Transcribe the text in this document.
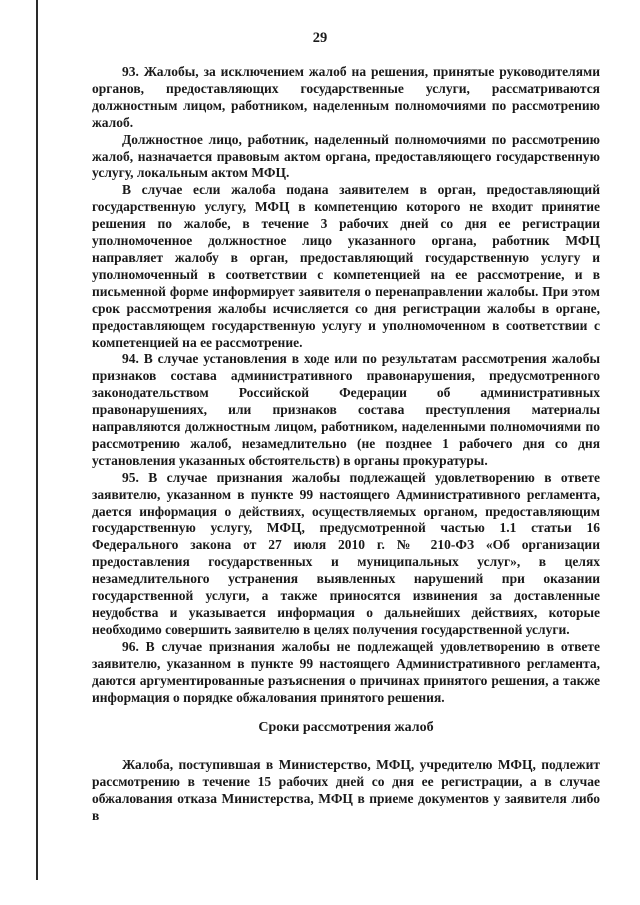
29

93. Жалобы, за исключением жалоб на решения, принятые руководителями органов, предоставляющих государственные услуги, рассматриваются должностным лицом, работником, наделенным полномочиями по рассмотрению жалоб.

Должностное лицо, работник, наделенный полномочиями по рассмотрению жалоб, назначается правовым актом органа, предоставляющего государственную услугу, локальным актом МФЦ.

В случае если жалоба подана заявителем в орган, предоставляющий государственную услугу, МФЦ в компетенцию которого не входит принятие решения по жалобе, в течение 3 рабочих дней со дня ее регистрации уполномоченное должностное лицо указанного органа, работник МФЦ направляет жалобу в орган, предоставляющий государственную услугу и уполномоченный в соответствии с компетенцией на ее рассмотрение, и в письменной форме информирует заявителя о перенаправлении жалобы. При этом срок рассмотрения жалобы исчисляется со дня регистрации жалобы в органе, предоставляющем государственную услугу и уполномоченном в соответствии с компетенцией на ее рассмотрение.

94. В случае установления в ходе или по результатам рассмотрения жалобы признаков состава административного правонарушения, предусмотренного законодательством Российской Федерации об административных правонарушениях, или признаков состава преступления материалы направляются должностным лицом, работником, наделенными полномочиями по рассмотрению жалоб, незамедлительно (не позднее 1 рабочего дня со дня установления указанных обстоятельств) в органы прокуратуры.

95. В случае признания жалобы подлежащей удовлетворению в ответе заявителю, указанном в пункте 99 настоящего Административного регламента, дается информация о действиях, осуществляемых органом, предоставляющим государственную услугу, МФЦ, предусмотренной частью 1.1 статьи 16 Федерального закона от 27 июля 2010 г. № 210-ФЗ «Об организации предоставления государственных и муниципальных услуг», в целях незамедлительного устранения выявленных нарушений при оказании государственной услуги, а также приносятся извинения за доставленные неудобства и указывается информация о дальнейших действиях, которые необходимо совершить заявителю в целях получения государственной услуги.

96. В случае признания жалобы не подлежащей удовлетворению в ответе заявителю, указанном в пункте 99 настоящего Административного регламента, даются аргументированные разъяснения о причинах принятого решения, а также информация о порядке обжалования принятого решения.

Сроки рассмотрения жалоб

Жалоба, поступившая в Министерство, МФЦ, учредителю МФЦ, подлежит рассмотрению в течение 15 рабочих дней со дня ее регистрации, а в случае обжалования отказа Министерства, МФЦ в приеме документов у заявителя либо в
